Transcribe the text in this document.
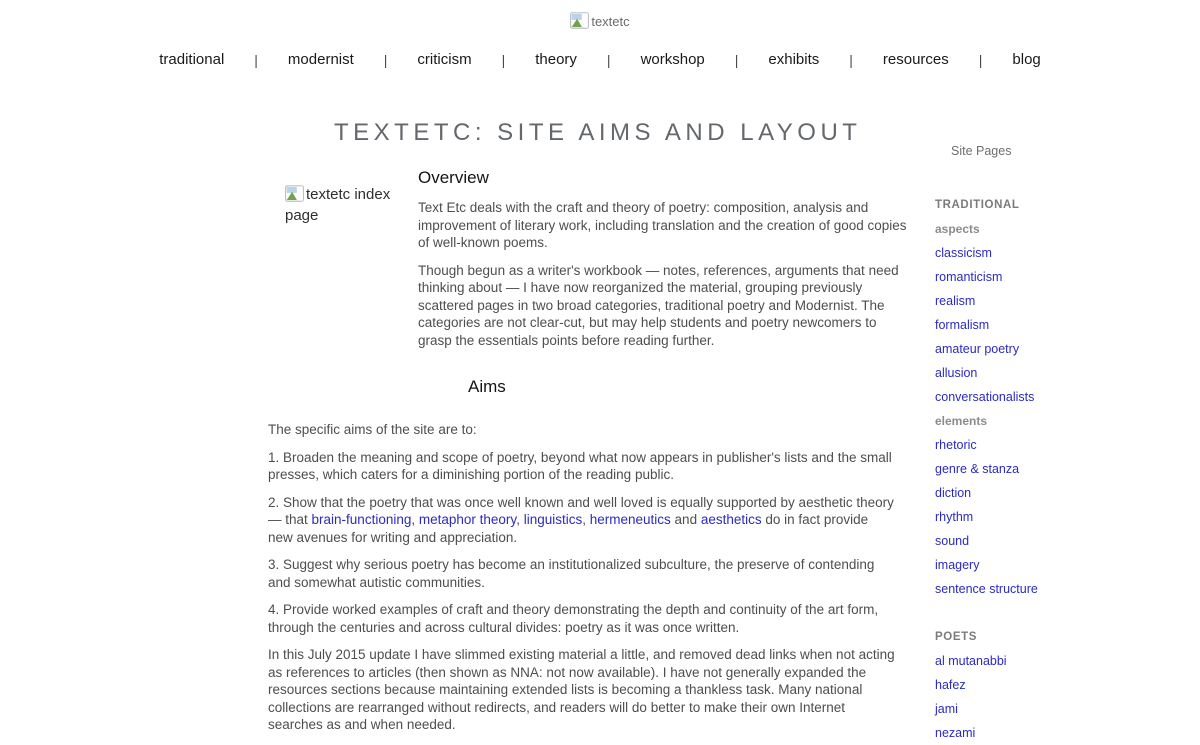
textetc
traditional | modernist | criticism | theory | workshop | exhibits | resources | blog
TEXTETC: SITE AIMS AND LAYOUT
textetc index page
Overview

Text Etc deals with the craft and theory of poetry: composition, analysis and improvement of literary work, including translation and the creation of good copies of well-known poems.

Though begun as a writer's workbook — notes, references, arguments that need thinking about — I have now reorganized the material, grouping previously scattered pages in two broad categories, traditional poetry and Modernist. The categories are not clear-cut, but may help students and poetry newcomers to grasp the essentials points before reading further.

Aims

The specific aims of the site are to:

1. Broaden the meaning and scope of poetry, beyond what now appears in publisher's lists and the small presses, which caters for a diminishing portion of the reading public.

2. Show that the poetry that was once well known and well loved is equally supported by aesthetic theory — that brain-functioning, metaphor theory, linguistics, hermeneutics and aesthetics do in fact provide new avenues for writing and appreciation.

3. Suggest why serious poetry has become an institutionalized subculture, the preserve of contending and somewhat autistic communities.

4. Provide worked examples of craft and theory demonstrating the depth and continuity of the art form, through the centuries and across cultural divides: poetry as it was once written.

In this July 2015 update I have slimmed existing material a little, and removed dead links when not acting as references to articles (then shown as NNA: not now available). I have not generally expanded the resources sections because maintaining extended lists is becoming a thankless task. Many national collections are rearranged without redirects, and readers will do better to make their own Internet searches as and when needed.

Site Pages
TRADITIONAL
aspects
classicism
romanticism
realism
formalism
amateur poetry
allusion
conversationalists
elements
rhetoric
genre & stanza
diction
rhythm
sound
imagery
sentence structure
POETS
al mutanabbi
hafez
jami
nezami
